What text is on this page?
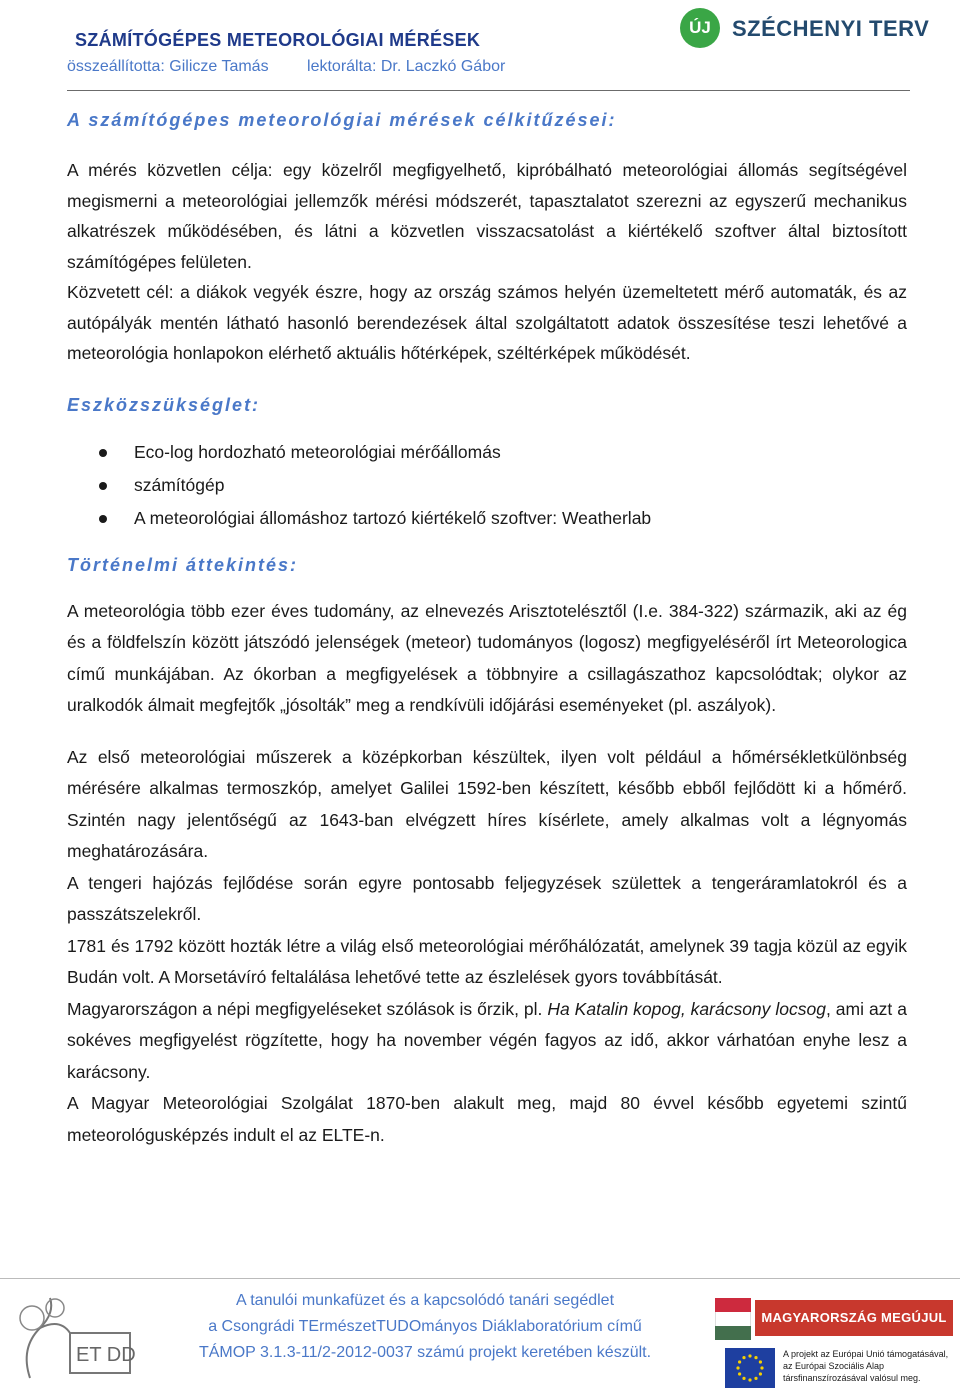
SZÁMÍTÓGÉPES METEOROLÓGIAI MÉRÉSEK
összeállította: Gilicze Tamás lektorálta: Dr. Laczkó Gábor
ÚJ SZÉCHENYI TERV
A számítógépes meteorológiai mérések célkitűzései:

A mérés közvetlen célja: egy közelről megfigyelhető, kipróbálható meteorológiai állomás segítségével megismerni a meteorológiai jellemzők mérési módszerét, tapasztalatot szerezni az egyszerű mechanikus alkatrészek működésében, és látni a közvetlen visszacsatolást a kiértékelő szoftver által biztosított számítógépes felületen.

Közvetett cél: a diákok vegyék észre, hogy az ország számos helyén üzemeltetett mérő automaták, és az autópályák mentén látható hasonló berendezések által szolgáltatott adatok összesítése teszi lehetővé a meteorológia honlapokon elérhető aktuális hőtérképek, széltérképek működését.

Eszközszükséglet:
Eco-log hordozható meteorológiai mérőállomás
számítógép
A meteorológiai állomáshoz tartozó kiértékelő szoftver: Weatherlab
Történelmi áttekintés:

A meteorológia több ezer éves tudomány, az elnevezés Arisztotelésztől (I.e. 384-322) származik, aki az ég és a földfelszín között játszódó jelenségek (meteor) tudományos (logosz) megfigyeléséről írt Meteorologica című munkájában. Az ókorban a megfigyelések a többnyire a csillagászathoz kapcsolódtak; olykor az uralkodók álmait megfejtők „jósolták” meg a rendkívüli időjárási eseményeket (pl. aszályok).

Az első meteorológiai műszerek a középkorban készültek, ilyen volt például a hőmérsékletkülönbség mérésére alkalmas termoszkóp, amelyet Galilei 1592-ben készített, később ebből fejlődött ki a hőmérő. Szintén nagy jelentőségű az 1643-ban elvégzett híres kísérlete, amely alkalmas volt a légnyomás meghatározására.

A tengeri hajózás fejlődése során egyre pontosabb feljegyzések születtek a tengeráramlatokról és a passzátszelekről.

1781 és 1792 között hozták létre a világ első meteorológiai mérőhálózatát, amelynek 39 tagja közül az egyik Budán volt. A Morsetávíró feltalálása lehetővé tette az észlelések gyors továbbítását.

Magyarországon a népi megfigyeléseket szólások is őrzik, pl. Ha Katalin kopog, karácsony locsog, ami azt a sokéves megfigyelést rögzítette, hogy ha november végén fagyos az idő, akkor várhatóan enyhe lesz a karácsony.

A Magyar Meteorológiai Szolgálat 1870-ben alakult meg, majd 80 évvel később egyetemi szintű meteorológusképzés indult el az ELTE-n.

ET DD
A tanulói munkafüzet és a kapcsolódó tanári segédlet
a Csongrádi TErmészetTUDOmányos Diáklaboratórium című
TÁMOP 3.1.3-11/2-2012-0037 számú projekt keretében készült.
MAGYARORSZÁG MEGÚJUL
A projekt az Európai Unió támogatásával, az Európai Szociális Alap társfinanszírozásával valósul meg.
